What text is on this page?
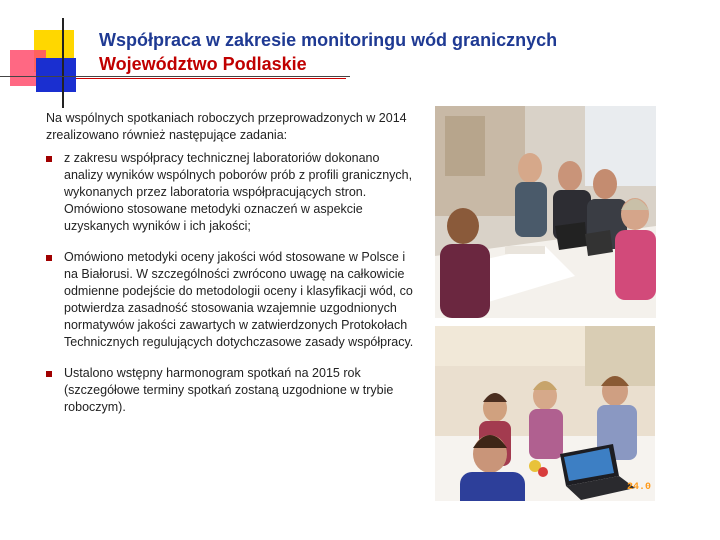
Współpraca w zakresie monitoringu wód granicznych
Województwo Podlaskie
Na wspólnych spotkaniach roboczych przeprowadzonych w 2014 zrealizowano również następujące zadania:
z zakresu współpracy technicznej laboratoriów dokonano analizy wyników wspólnych poborów prób z profili granicznych, wykonanych przez laboratoria współpracujących stron. Omówiono stosowane metodyki oznaczeń w aspekcie uzyskanych wyników i ich jakości;
Omówiono metodyki oceny jakości wód stosowane w Polsce i na Białorusi. W szczególności zwrócono uwagę na całkowicie odmienne podejście do metodologii oceny i klasyfikacji wód, co potwierdza zasadność stosowania wzajemnie uzgodnionych normatywów jakości zawartych w zatwierdzonych Protokołach Technicznych regulujących dotychczasowe zasady współpracy.
Ustalono wstępny harmonogram spotkań na 2015 rok (szczegółowe terminy spotkań zostaną uzgodnione w trybie roboczym).
24.0
